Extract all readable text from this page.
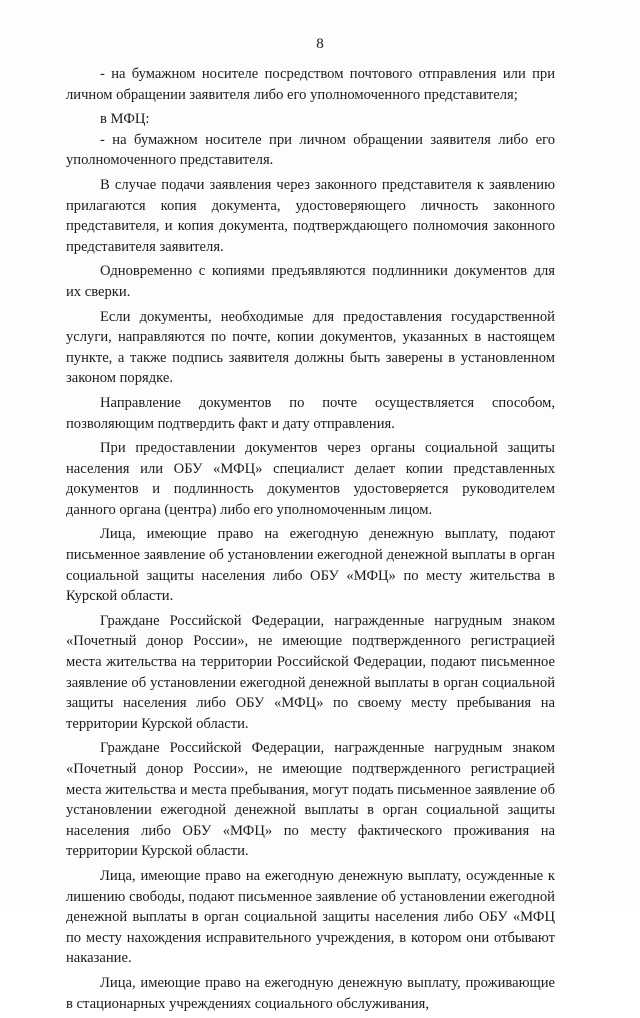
8

- на бумажном носителе посредством почтового отправления или при личном обращении заявителя либо его уполномоченного представителя;

в МФЦ:

- на бумажном носителе при личном обращении заявителя либо его уполномоченного представителя.

В случае подачи заявления через законного представителя к заявлению прилагаются копия документа, удостоверяющего личность законного представителя, и копия документа, подтверждающего полномочия законного представителя заявителя.

Одновременно с копиями предъявляются подлинники документов для их сверки.

Если документы, необходимые для предоставления государственной услуги, направляются по почте, копии документов, указанных в настоящем пункте, а также подпись заявителя должны быть заверены в установленном законом порядке.

Направление документов по почте осуществляется способом, позволяющим подтвердить факт и дату отправления.

При предоставлении документов через органы социальной защиты населения или ОБУ «МФЦ» специалист делает копии представленных документов и подлинность документов удостоверяется руководителем данного органа (центра) либо его уполномоченным лицом.

Лица, имеющие право на ежегодную денежную выплату, подают письменное заявление об установлении ежегодной денежной выплаты в орган социальной защиты населения либо ОБУ «МФЦ» по месту жительства в Курской области.

Граждане Российской Федерации, награжденные нагрудным знаком «Почетный донор России», не имеющие подтвержденного регистрацией места жительства на территории Российской Федерации, подают письменное заявление об установлении ежегодной денежной выплаты в орган социальной защиты населения либо ОБУ «МФЦ» по своему месту пребывания на территории Курской области.

Граждане Российской Федерации, награжденные нагрудным знаком «Почетный донор России», не имеющие подтвержденного регистрацией места жительства и места пребывания, могут подать письменное заявление об установлении ежегодной денежной выплаты в орган социальной защиты населения либо ОБУ «МФЦ» по месту фактического проживания на территории Курской области.

Лица, имеющие право на ежегодную денежную выплату, осужденные к лишению свободы, подают письменное заявление об установлении ежегодной денежной выплаты в орган социальной защиты населения либо ОБУ «МФЦ по месту нахождения исправительного учреждения, в котором они отбывают наказание.

Лица, имеющие право на ежегодную денежную выплату, проживающие в стационарных учреждениях социального обслуживания,
